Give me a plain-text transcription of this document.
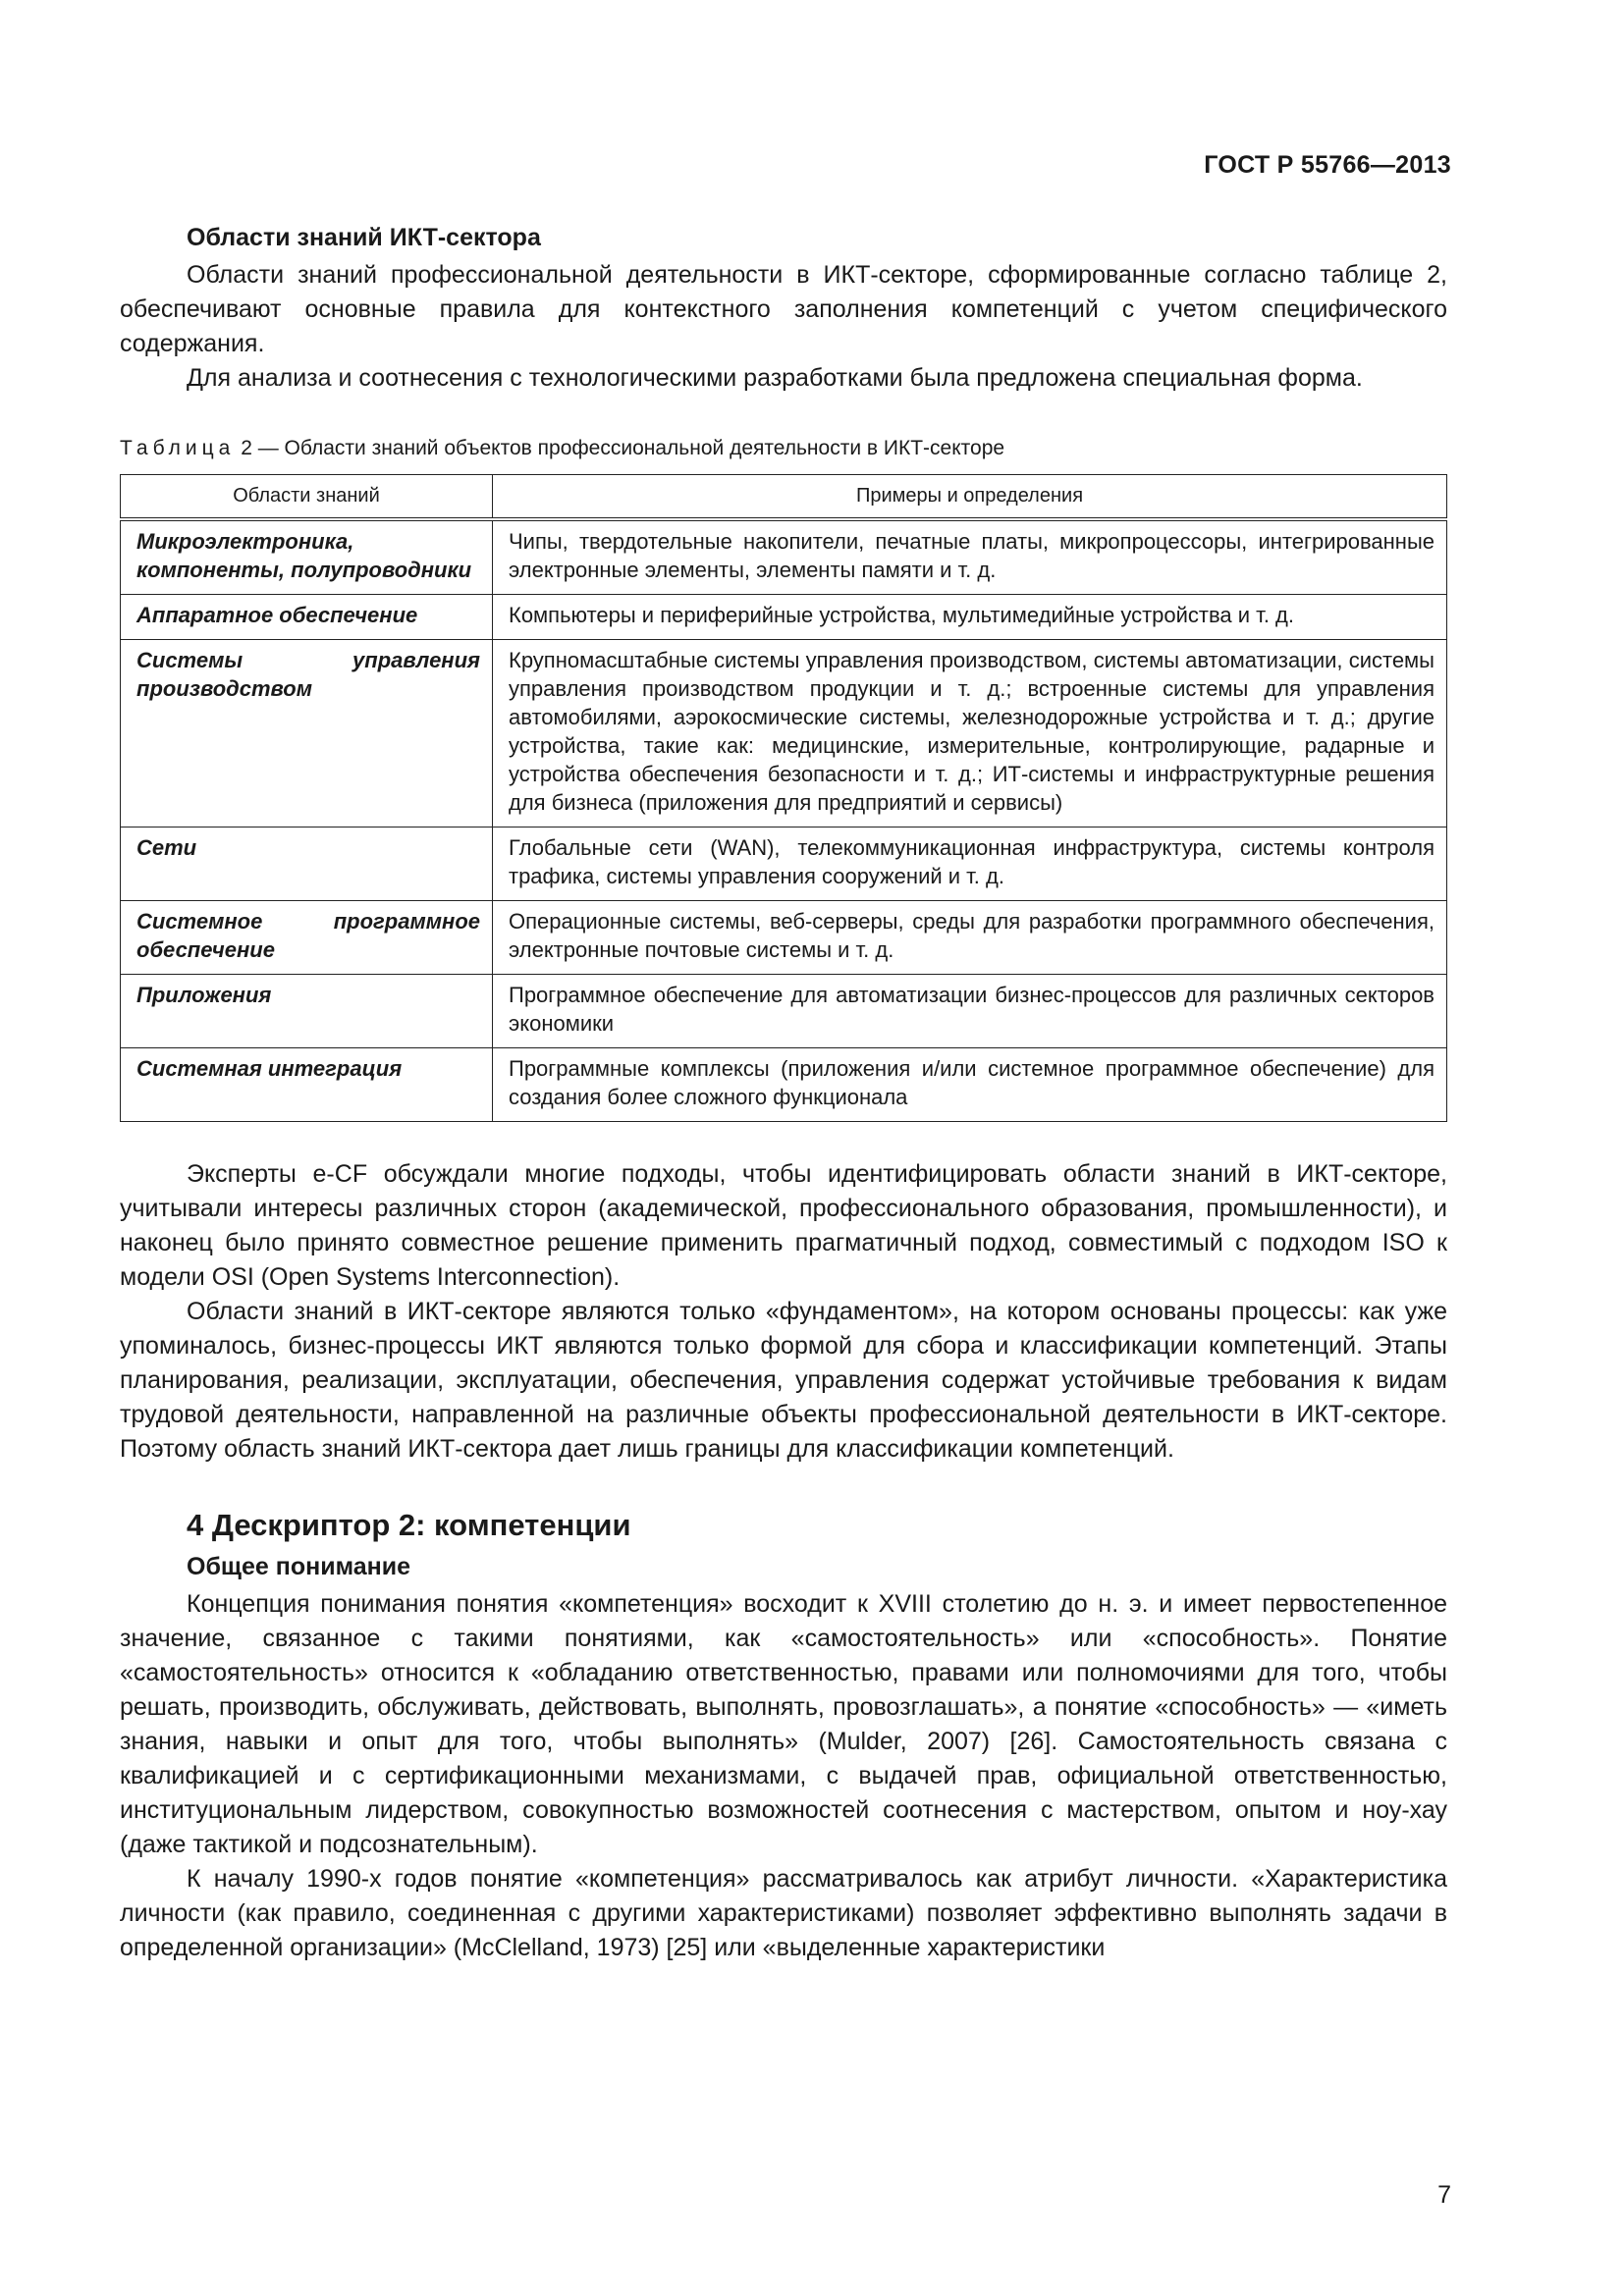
ГОСТ Р 55766—2013
Области знаний ИКТ-сектора

Области знаний профессиональной деятельности в ИКТ-секторе, сформированные согласно таблице 2, обеспечивают основные правила для контекстного заполнения компетенций с учетом специфического содержания.

Для анализа и соотнесения с технологическими разработками была предложена специальная форма.

Таблица 2 — Области знаний объектов профессиональной деятельности в ИКТ-секторе
Области знаний	Примеры и определения
Микроэлектроника, компоненты, полупроводники	Чипы, твердотельные накопители, печатные платы, микропроцессоры, интегрированные электронные элементы, элементы памяти и т. д.
Аппаратное обеспечение	Компьютеры и периферийные устройства, мультимедийные устройства и т. д.
Системы управления производством	Крупномасштабные системы управления производством, системы автоматизации, системы управления производством продукции и т. д.; встроенные системы для управления автомобилями, аэрокосмические системы, железнодорожные устройства и т. д.; другие устройства, такие как: медицинские, измерительные, контролирующие, радарные и устройства обеспечения безопасности и т. д.; ИТ-системы и инфраструктурные решения для бизнеса (приложения для предприятий и сервисы)
Сети	Глобальные сети (WAN), телекоммуникационная инфраструктура, системы контроля трафика, системы управления сооружений и т. д.
Системное программное обеспечение	Операционные системы, веб-серверы, среды для разработки программного обеспечения, электронные почтовые системы и т. д.
Приложения	Программное обеспечение для автоматизации бизнес-процессов для различных секторов экономики
Системная интеграция	Программные комплексы (приложения и/или системное программное обеспечение) для создания более сложного функционала

Эксперты e-CF обсуждали многие подходы, чтобы идентифицировать области знаний в ИКТ-секторе, учитывали интересы различных сторон (академической, профессионального образования, промышленности), и наконец было принято совместное решение применить прагматичный подход, совместимый с подходом ISO к модели OSI (Open Systems Interconnection).

Области знаний в ИКТ-секторе являются только «фундаментом», на котором основаны процессы: как уже упоминалось, бизнес-процессы ИКТ являются только формой для сбора и классификации компетенций. Этапы планирования, реализации, эксплуатации, обеспечения, управления содержат устойчивые требования к видам трудовой деятельности, направленной на различные объекты профессиональной деятельности в ИКТ-секторе. Поэтому область знаний ИКТ-сектора дает лишь границы для классификации компетенций.

4 Дескриптор 2: компетенции
Общее понимание

Концепция понимания понятия «компетенция» восходит к XVIII столетию до н. э. и имеет первостепенное значение, связанное с такими понятиями, как «самостоятельность» или «способность». Понятие «самостоятельность» относится к «обладанию ответственностью, правами или полномочиями для того, чтобы решать, производить, обслуживать, действовать, выполнять, провозглашать», а понятие «способность» — «иметь знания, навыки и опыт для того, чтобы выполнять» (Mulder, 2007) [26]. Самостоятельность связана с квалификацией и с сертификационными механизмами, с выдачей прав, официальной ответственностью, институциональным лидерством, совокупностью возможностей соотнесения с мастерством, опытом и ноу-хау (даже тактикой и подсознательным).

К началу 1990-х годов понятие «компетенция» рассматривалось как атрибут личности. «Характеристика личности (как правило, соединенная с другими характеристиками) позволяет эффективно выполнять задачи в определенной организации» (McClelland, 1973) [25] или «выделенные характеристики

7
